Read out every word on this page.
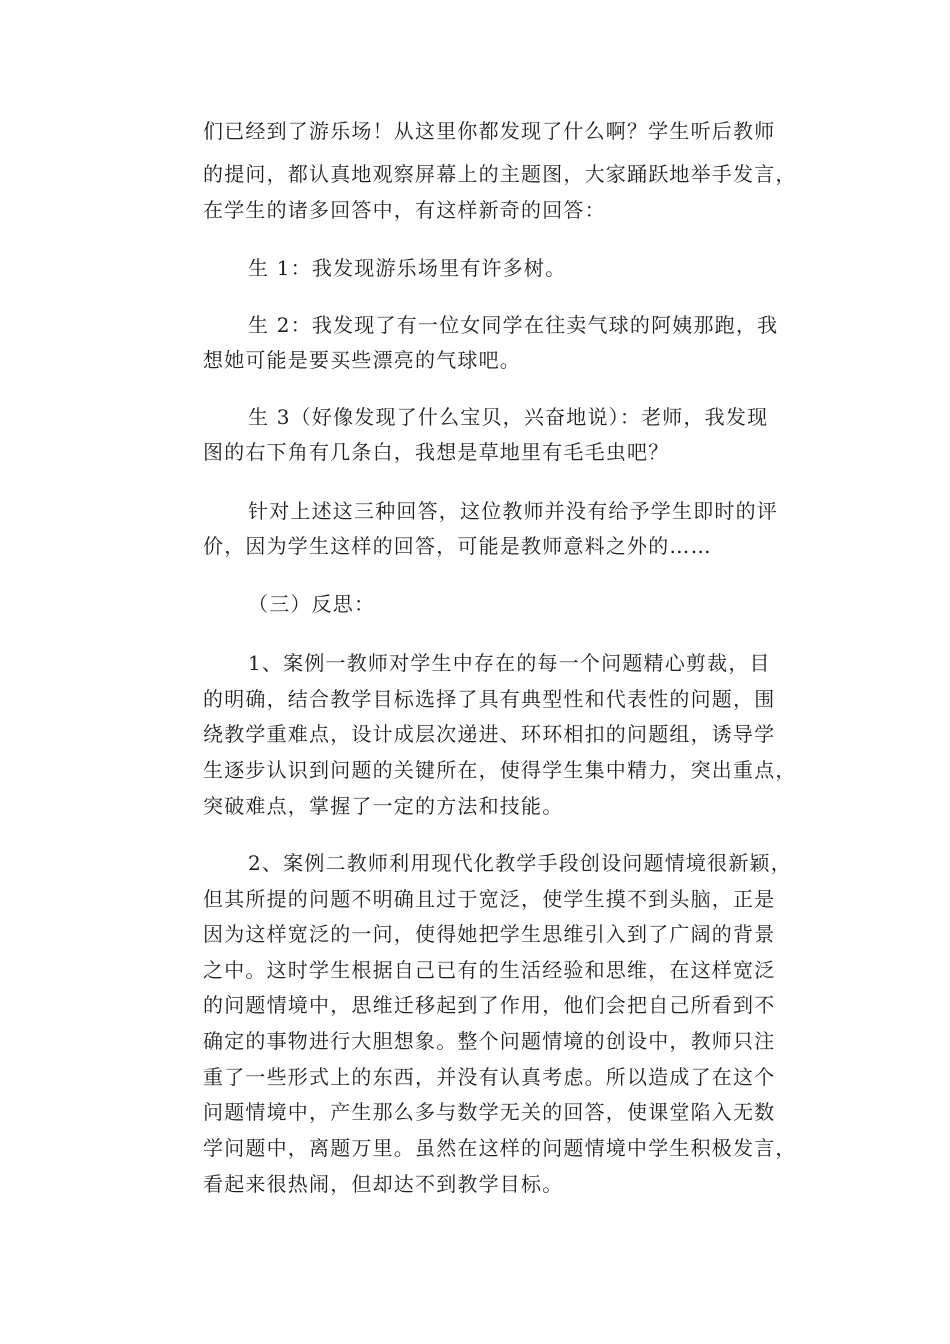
们已经到了游乐场！从这里你都发现了什么啊？学生听后教师
的提问，都认真地观察屏幕上的主题图，大家踊跃地举手发言，
在学生的诸多回答中，有这样新奇的回答：
生 1：我发现游乐场里有许多树。
生 2：我发现了有一位女同学在往卖气球的阿姨那跑，我
想她可能是要买些漂亮的气球吧。
生 3（好像发现了什么宝贝，兴奋地说）：老师，我发现
图的右下角有几条白，我想是草地里有毛毛虫吧？
针对上述这三种回答，这位教师并没有给予学生即时的评
价，因为学生这样的回答，可能是教师意料之外的……
（三）反思：
1、案例一教师对学生中存在的每一个问题精心剪裁，目
的明确，结合教学目标选择了具有典型性和代表性的问题，围
绕教学重难点，设计成层次递进、环环相扣的问题组，诱导学
生逐步认识到问题的关键所在，使得学生集中精力，突出重点，
突破难点，掌握了一定的方法和技能。
2、案例二教师利用现代化教学手段创设问题情境很新颖，
但其所提的问题不明确且过于宽泛，使学生摸不到头脑，正是
因为这样宽泛的一问，使得她把学生思维引入到了广阔的背景
之中。这时学生根据自己已有的生活经验和思维，在这样宽泛
的问题情境中，思维迁移起到了作用，他们会把自己所看到不
确定的事物进行大胆想象。整个问题情境的创设中，教师只注
重了一些形式上的东西，并没有认真考虑。所以造成了在这个
问题情境中，产生那么多与数学无关的回答，使课堂陷入无数
学问题中，离题万里。虽然在这样的问题情境中学生积极发言，
看起来很热闹，但却达不到教学目标。
